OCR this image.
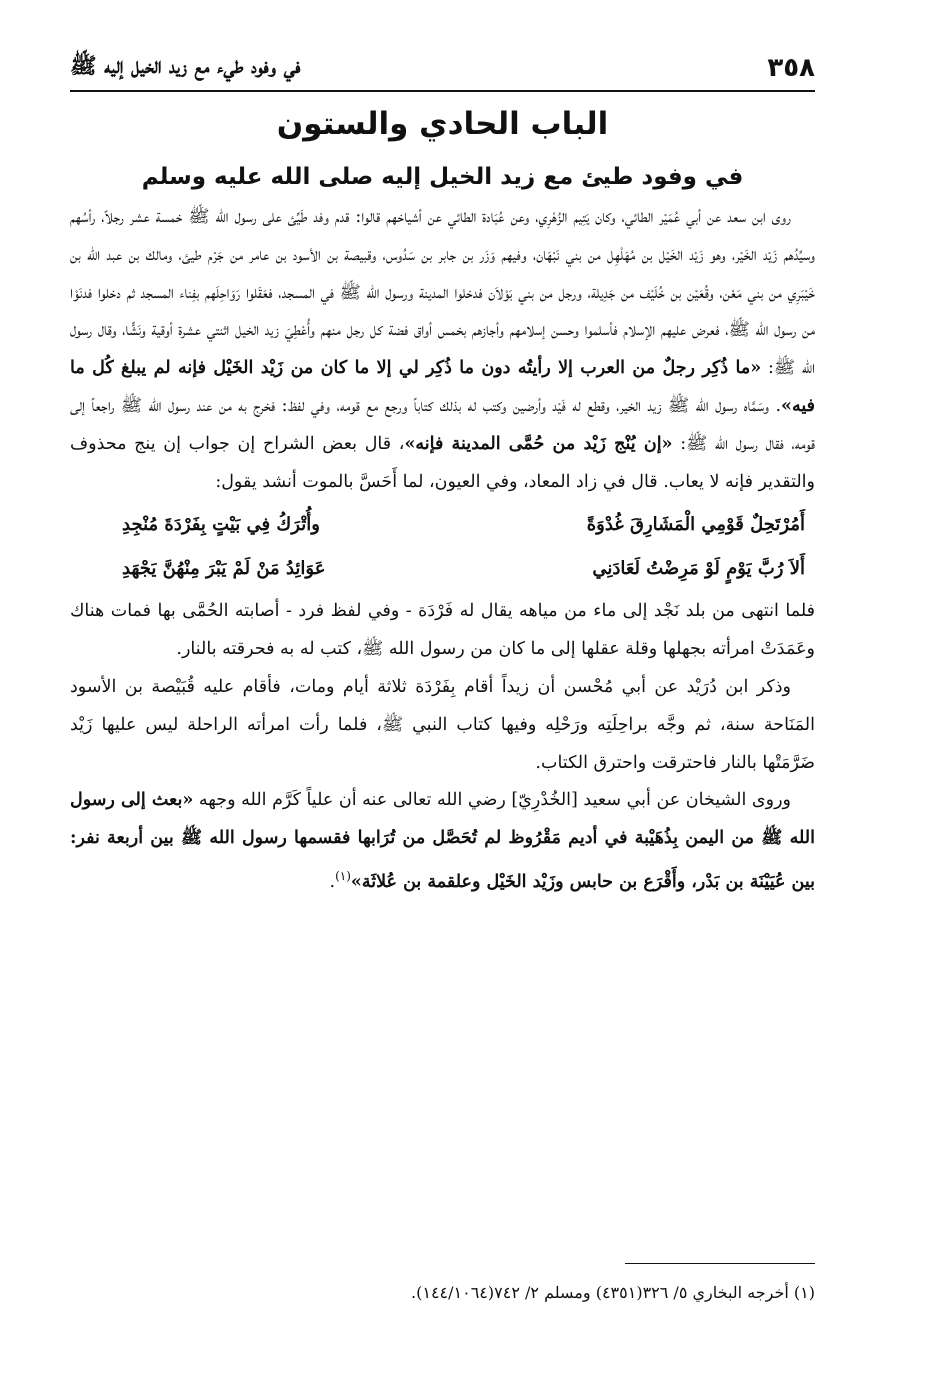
٣٥٨
في وفود طيء مع زيد الخيل إليه ﷺ
الباب الحادي والستون
في وفود طيئ مع زيد الخيل إليه صلى الله عليه وسلم

روى ابن سعد عن أبي عُمَيْر الطائي، وكان يَتِيم الزُهْرِي، وعن عُبَادة الطائي عن أشياخهم قالوا: قدم وفد طَيِّئ على رسول الله ﷺ خمسة عشر رجلاً، رأسُهم وسيِّدُهم زَيْد الخَيْر، وهو زَيْد الخَيْل بن مُهَلْهِل من بني نَبْهَان، وفيهم وَزَر بن جابر بن سَدُوس، وقبيصة بن الأسود بن عامر من جَرْم طيئ، ومالك بن عبد الله بن خَيْبَرِي من بني مَعْن، وقُعَيْن بن خُلَيْف من جَدِيلة، ورجل من بني بَوْلاَن فدخلوا المدينة ورسول الله ﷺ في المسجد، فعَقَلوا رَوَاحِلَهم بفِناء المسجد ثم دخلوا فدنَوْا من رسول الله ﷺ، فعرض عليهم الإسلام فأسلموا وحسن إسلامهم وأجازهم بخمس أواق فضة كل رجل منهم وأُعْطِيَ زيد الخيل اثنتي عشرة أوقية ونَشًّا، وقال رسول الله ﷺ: «ما ذُكِر رجلٌ من العرب إلا رأيتُه دون ما ذُكِر لي إلا ما كان من زَيْد الخَيْل فإنه لم يبلغ كُل ما فيه». وسَمَّاه رسول الله ﷺ زيد الخير، وقطع له فَيْد وأرضين وكتب له بذلك كتاباً ورجع مع قومه، وفي لفظ: فخرج به من عند رسول الله ﷺ راجعاً إلى قومه، فقال رسول الله ﷺ: «إن يُنْج زَيْد من حُمَّى المدينة فإنه»، قال بعض الشراح إن جواب إن ينج محذوف والتقدير فإنه لا يعاب. قال في زاد المعاد، وفي العيون، لما أَحَسَّ بالموت أنشد يقول:

أَمُرْتَحِلٌ قَوْمِي الْمَشَارِقَ غُدْوَةً
وأُتْرَكُ فِي بَيْتٍ بِفَرْدَةَ مُنْجِدِ
أَلاَ رُبَّ يَوْمٍ لَوْ مَرِضْتُ لَعَادَنِي
عَوَائِدُ مَنْ لَمْ يَبْرَ مِنْهُنَّ يَجْهَدِ

فلما انتهى من بلد نَجْد إلى ماء من مياهه يقال له فَرْدَة - وفي لفظ فرد - أصابته الحُمَّى بها فمات هناك وعَمَدَتْ امرأته بجهلها وقلة عقلها إلى ما كان من رسول الله ﷺ، كتب له به فحرقته بالنار.

وذكر ابن دُرَيْد عن أبي مُحْسن أن زيداً أقام بِفَرْدَة ثلاثة أيام ومات، فأقام عليه قُبَيْصة بن الأسود المَنَاحة سنة، ثم وجَّه براحِلَتِه ورَحْلِه وفيها كتاب النبي ﷺ، فلما رأت امرأته الراحلة ليس عليها زَيْد ضَرَّمَتْها بالنار فاحترقت واحترق الكتاب.

وروى الشيخان عن أبي سعيد [الخُدْرِيّ] رضي الله تعالى عنه أن علياً كَرَّم الله وجهه «بعث إلى رسول الله ﷺ من اليمن بِذُهَيْبة في أديم مَقْرُوظ لم تُحَصَّل من تُرَابها فقسمها رسول الله ﷺ بين أربعة نفر: بين عُيَيْنَة بن بَدْر، وأَقْرَع بن حابس وزَيْد الخَيْل وعلقمة بن عُلاثَة»$^{(١)}$.

(١) أخرجه البخاري ٥/ ٣٢٦(٤٣٥١) ومسلم ٢/ ٧٤٢(١٤٤/١٠٦٤).
